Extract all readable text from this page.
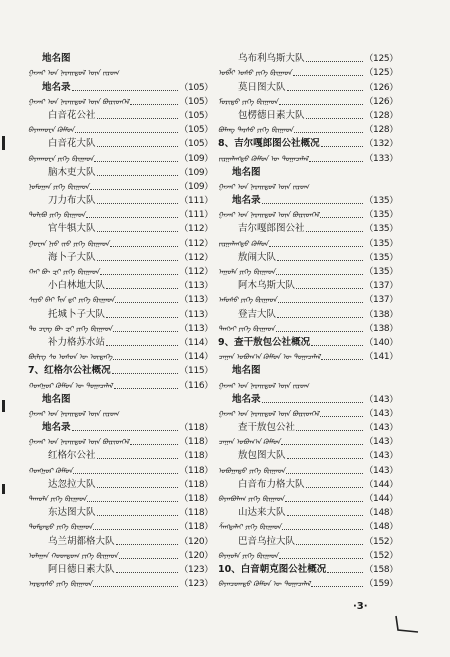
地名图
ᠭᠠᠵᠠᠷ ᠤᠨ ᠨᠡᠷᠡᠢᠳᠦᠯ ᠦᠨ ᠵᠢᠷᠤᠭ
地名录	（105）
ᠭᠠᠵᠠᠷ ᠤᠨ ᠨᠡᠷᠡᠢᠳᠦᠯ ᠦᠨ ᠪᠦᠷᠢᠳᠭᠡᠯ	（105）
白音花公社	（105）
ᠪᠠᠶᠠᠨᠬᠤᠸᠠ ᠺᠣᠮᠮᠦᠨ	（105）
白音花大队	（105）
ᠪᠠᠶᠠᠨᠬᠤᠸᠠ ᠶᠢᠬᠡ ᠪᠷᠢᠭᠠᠳ	（109）
脑木吏大队	（109）
ᠨᠣᠮᠣᠭᠠᠨ ᠶᠢᠬᠡ ᠪᠷᠢᠭᠠᠳ	（109）
刀力布大队	（111）
ᠳᠣᠯᠢᠪᠤ ᠶᠢᠬᠡ ᠪᠷᠢᠭᠠᠳ	（111）
官牛犋大队	（112）
ᠭᠤᠸᠠᠨ ᠨᠢᠦ ᠵᠢᠦ ᠶᠢᠬᠡ ᠪᠷᠢᠭᠠᠳ	（112）
海卜子大队	（112）
ᠬᠠᠢ ᠪᠦ ᠽᠢ ᠶᠢᠬᠡ ᠪᠷᠢᠭᠠᠳ	（112）
小白林地大队	（113）
ᠰᠢᠶᠣ ᠪᠠᠢ ᠯᠢᠨ ᠳᠢ ᠶᠢᠬᠡ ᠪᠷᠢᠭᠠᠳ	（113）
托城卜子大队	（113）
ᠲᠣ ᠴᠧᠩ ᠪᠦ ᠽᠢ ᠶᠢᠬᠡ ᠪᠷᠢᠭᠠᠳ	（113）
补力格苏水站	（114）
ᠪᠦᠯᠢᠭ ᠰᠤ ᠤᠰᠤᠨ ᠦ ᠥᠲᠡᠭᠡ	（114）
7、红格尔公社概况	（115）
ᠬᠣᠩᠭᠣᠷ ᠺᠣᠮᠮᠦᠨ ᠦ ᠲᠣᠭᠠᠴᠠᠯᠠᠯ	（116）
地名图
ᠭᠠᠵᠠᠷ ᠤᠨ ᠨᠡᠷᠡᠢᠳᠦᠯ ᠦᠨ ᠵᠢᠷᠤᠭ
地名录	（118）
ᠭᠠᠵᠠᠷ ᠤᠨ ᠨᠡᠷᠡᠢᠳᠦᠯ ᠦᠨ ᠪᠦᠷᠢᠳᠭᠡᠯ	（118）
红格尔公社	（118）
ᠬᠣᠩᠭᠣᠷ ᠺᠣᠮᠮᠦᠨ	（118）
达忽拉大队	（118）
ᠳᠠᠬᠤᠯᠠ ᠶᠢᠬᠡ ᠪᠷᠢᠭᠠᠳ	（118）
东达图大队	（118）
ᠳᠤᠮᠳᠠᠳᠤ ᠶᠢᠬᠡ ᠪᠷᠢᠭᠠᠳ	（118）
乌兰胡都格大队	（120）
ᠤᠯᠠᠭᠠᠨ ᠬᠤᠳᠳᠤᠭ ᠶᠢᠬᠡ ᠪᠷᠢᠭᠠᠳ	（120）
阿日德日素大队	（123）
ᠠᠷᠳᠡᠷᠰᠦ ᠶᠢᠬᠡ ᠪᠷᠢᠭᠠᠳ	（123）
乌布利乌斯大队	（125）
ᠤᠪᠯᠢ ᠤᠰᠤ ᠶᠢᠬᠡ ᠪᠷᠢᠭᠠᠳ	（125）
莫日图大队	（126）
ᠮᠣᠷᠢᠲᠤ ᠶᠢᠬᠡ ᠪᠷᠢᠭᠠᠳ	（126）
包楞德日素大队	（128）
ᠪᠤᠯᠠᠩ ᠳᠡᠷᠰᠦ ᠶᠢᠬᠡ ᠪᠷᠢᠭᠠᠳ	（128）
8、吉尔嘎郎图公社概况	（132）
ᠵᠢᠷᠭᠠᠯᠠᠩᠲᠤ ᠺᠣᠮᠮᠦᠨ ᠦ ᠲᠣᠭᠠᠴᠠᠯᠠᠯ	（133）
地名图
ᠭᠠᠵᠠᠷ ᠤᠨ ᠨᠡᠷᠡᠢᠳᠦᠯ ᠦᠨ ᠵᠢᠷᠤᠭ
地名录	（135）
ᠭᠠᠵᠠᠷ ᠤᠨ ᠨᠡᠷᠡᠢᠳᠦᠯ ᠦᠨ ᠪᠦᠷᠢᠳᠭᠡᠯ	（135）
吉尔嘎郎图公社	（135）
ᠵᠢᠷᠭᠠᠯᠠᠩᠲᠤ ᠺᠣᠮᠮᠦᠨ	（135）
敖闹大队	（135）
ᠠᠭᠤᠯᠠ ᠶᠢᠬᠡ ᠪᠷᠢᠭᠠᠳ	（135）
阿木乌斯大队	（137）
ᠠᠮᠤᠰᠤ ᠶᠢᠬᠡ ᠪᠷᠢᠭᠠᠳ	（137）
登吉大队	（138）
ᠳᠡᠩᠵᠢ ᠶᠢᠬᠡ ᠪᠷᠢᠭᠠᠳ	（138）
9、查干敖包公社概况	（140）
ᠴᠠᠭᠠᠨ ᠣᠪᠣᠭ᠎ᠠ ᠺᠣᠮᠮᠦᠨ ᠦ ᠲᠣᠭᠠᠴᠠᠯᠠᠯ	（141）
地名图
ᠭᠠᠵᠠᠷ ᠤᠨ ᠨᠡᠷᠡᠢᠳᠦᠯ ᠦᠨ ᠵᠢᠷᠤᠭ
地名录	（143）
ᠭᠠᠵᠠᠷ ᠤᠨ ᠨᠡᠷᠡᠢᠳᠦᠯ ᠦᠨ ᠪᠦᠷᠢᠳᠭᠡᠯ	（143）
查干敖包公社	（143）
ᠴᠠᠭᠠᠨ ᠣᠪᠣᠭ᠎ᠠ ᠺᠣᠮᠮᠦᠨ	（143）
敖包图大队	（143）
ᠣᠪᠣᠭᠠᠲᠤ ᠶᠢᠬᠡ ᠪᠷᠢᠭᠠᠳ	（143）
白音布力格大队	（144）
ᠪᠠᠶᠠᠨᠪᠤᠯᠠᠭ ᠶᠢᠬᠡ ᠪᠷᠢᠭᠠᠳ	（144）
山达来大队	（148）
ᠱᠠᠩᠳᠠᠯᠠᠢ ᠶᠢᠬᠡ ᠪᠷᠢᠭᠠᠳ	（148）
巴音乌拉大队	（152）
ᠪᠠᠶᠠᠨᠤᠯᠠ ᠶᠢᠬᠡ ᠪᠷᠢᠭᠠᠳ	（152）
10、白音朝克图公社概况	（158）
ᠪᠠᠶᠠᠨᠴᠣᠭᠲᠤ ᠺᠣᠮᠮᠦᠨ ᠦ ᠲᠣᠭᠠᠴᠠᠯᠠᠯ	（159）
·3·
